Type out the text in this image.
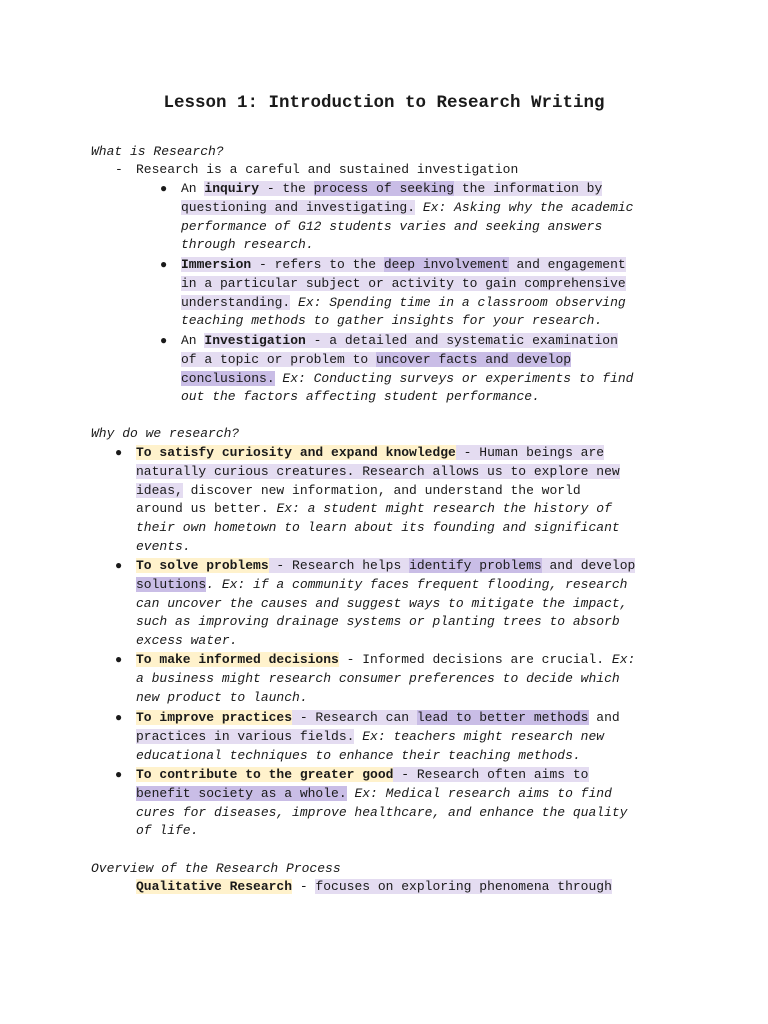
Lesson 1: Introduction to Research Writing
What is Research?
- Research is a careful and sustained investigation
● An inquiry - the process of seeking the information by
questioning and investigating. Ex: Asking why the academic
performance of G12 students varies and seeking answers
through research.
● Immersion - refers to the deep involvement and engagement
in a particular subject or activity to gain comprehensive
understanding. Ex: Spending time in a classroom observing
teaching methods to gather insights for your research.
● An Investigation - a detailed and systematic examination
of a topic or problem to uncover facts and develop
conclusions. Ex: Conducting surveys or experiments to find
out the factors affecting student performance.
Why do we research?
● To satisfy curiosity and expand knowledge - Human beings are
naturally curious creatures. Research allows us to explore new
ideas, discover new information, and understand the world
around us better. Ex: a student might research the history of
their own hometown to learn about its founding and significant
events.
● To solve problems - Research helps identify problems and develop
solutions. Ex: if a community faces frequent flooding, research
can uncover the causes and suggest ways to mitigate the impact,
such as improving drainage systems or planting trees to absorb
excess water.
● To make informed decisions - Informed decisions are crucial. Ex:
a business might research consumer preferences to decide which
new product to launch.
● To improve practices - Research can lead to better methods and
practices in various fields. Ex: teachers might research new
educational techniques to enhance their teaching methods.
● To contribute to the greater good - Research often aims to
benefit society as a whole. Ex: Medical research aims to find
cures for diseases, improve healthcare, and enhance the quality
of life.
Overview of the Research Process
Qualitative Research - focuses on exploring phenomena through
